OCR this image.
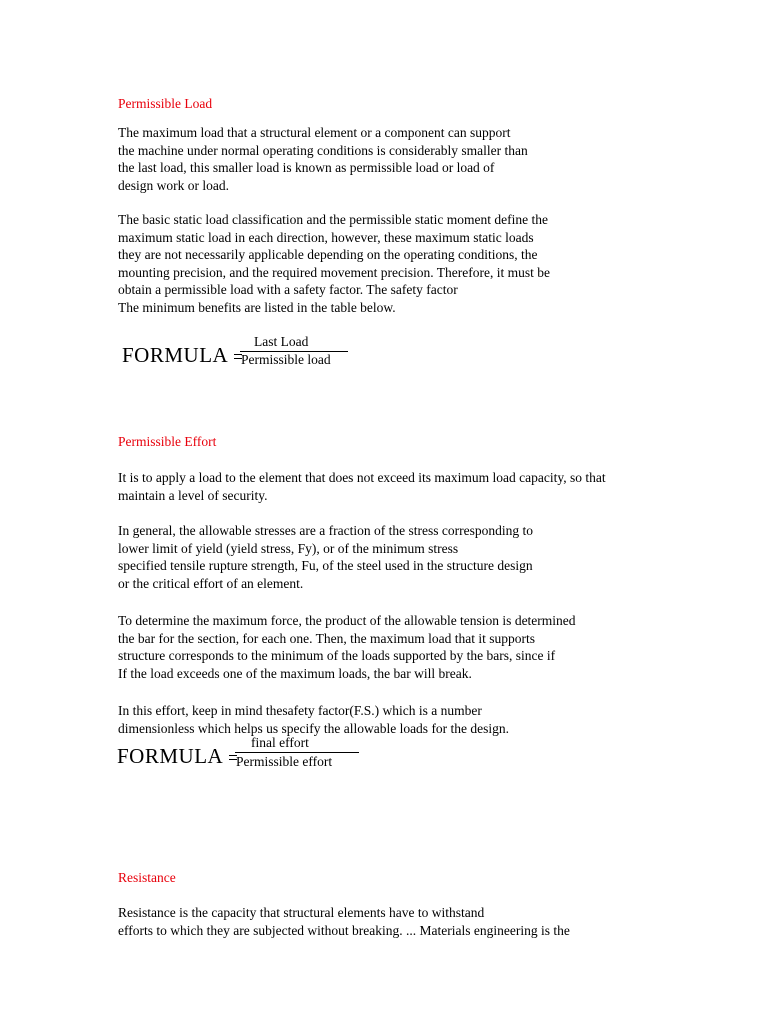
Permissible Load

The maximum load that a structural element or a component can support
the machine under normal operating conditions is considerably smaller than
the last load, this smaller load is known as permissible load or load of
design work or load.

The basic static load classification and the permissible static moment define the
maximum static load in each direction, however, these maximum static loads
they are not necessarily applicable depending on the operating conditions, the
mounting precision, and the required movement precision. Therefore, it must be
obtain a permissible load with a safety factor. The safety factor
The minimum benefits are listed in the table below.

FORMULA
Last Load
Permissible load
Permissible Effort

It is to apply a load to the element that does not exceed its maximum load capacity, so that
maintain a level of security.

In general, the allowable stresses are a fraction of the stress corresponding to
lower limit of yield (yield stress, Fy), or of the minimum stress
specified tensile rupture strength, Fu, of the steel used in the structure design
or the critical effort of an element.

To determine the maximum force, the product of the allowable tension is determined
the bar for the section, for each one. Then, the maximum load that it supports
structure corresponds to the minimum of the loads supported by the bars, since if
If the load exceeds one of the maximum loads, the bar will break.

In this effort, keep in mind thesafety factor(F.S.) which is a number
dimensionless which helps us specify the allowable loads for the design.

FORMULA
final effort
Permissible effort
Resistance

Resistance is the capacity that structural elements have to withstand
efforts to which they are subjected without breaking. ... Materials engineering is the
